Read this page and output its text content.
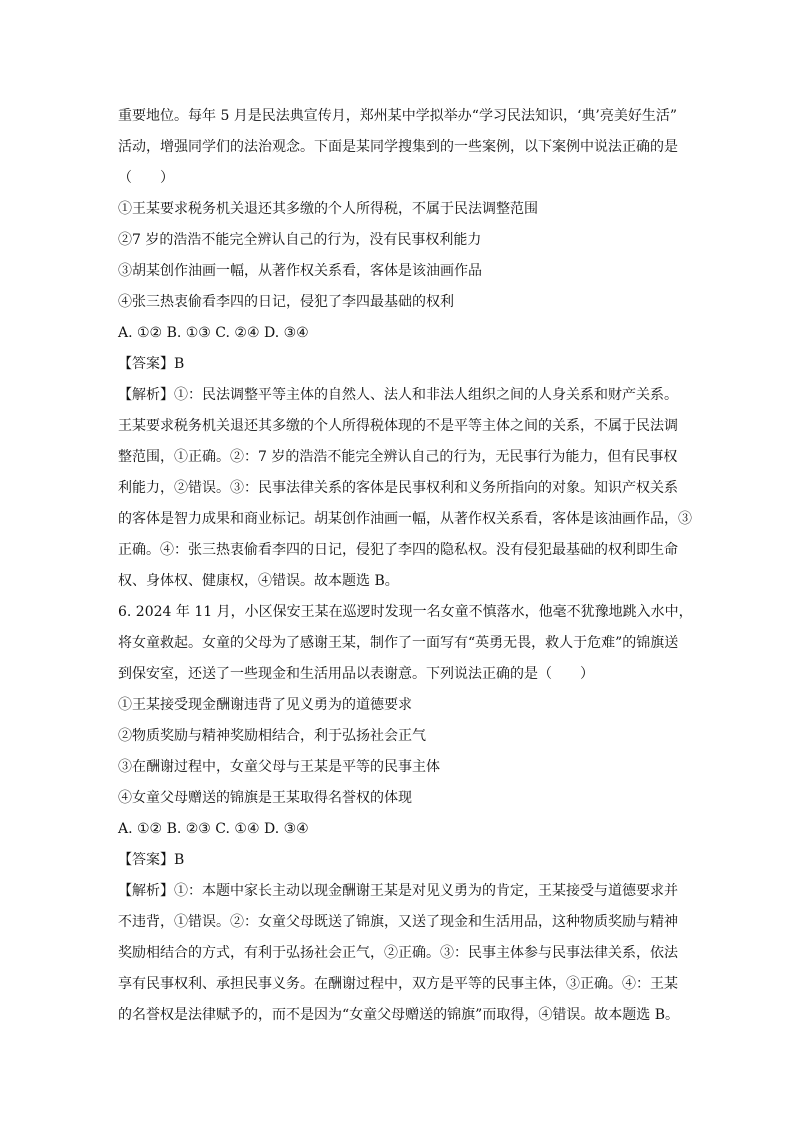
重要地位。每年 5 月是民法典宣传月，郑州某中学拟举办“学习民法知识，‘典’亮美好生活”
活动，增强同学们的法治观念。下面是某同学搜集到的一些案例，以下案例中说法正确的是
（　　）
①王某要求税务机关退还其多缴的个人所得税，不属于民法调整范围
②7 岁的浩浩不能完全辨认自己的行为，没有民事权利能力
③胡某创作油画一幅，从著作权关系看，客体是该油画作品
④张三热衷偷看李四的日记，侵犯了李四最基础的权利
A. ①② B. ①③ C. ②④ D. ③④
【答案】B
【解析】①：民法调整平等主体的自然人、法人和非法人组织之间的人身关系和财产关系。
王某要求税务机关退还其多缴的个人所得税体现的不是平等主体之间的关系，不属于民法调
整范围，①正确。②：7 岁的浩浩不能完全辨认自己的行为，无民事行为能力，但有民事权
利能力，②错误。③：民事法律关系的客体是民事权利和义务所指向的对象。知识产权关系
的客体是智力成果和商业标记。胡某创作油画一幅，从著作权关系看，客体是该油画作品，③
正确。④：张三热衷偷看李四的日记，侵犯了李四的隐私权。没有侵犯最基础的权利即生命
权、身体权、健康权，④错误。故本题选 B。
6. 2024 年 11 月，小区保安王某在巡逻时发现一名女童不慎落水，他毫不犹豫地跳入水中，
将女童救起。女童的父母为了感谢王某，制作了一面写有“英勇无畏，救人于危难”的锦旗送
到保安室，还送了一些现金和生活用品以表谢意。下列说法正确的是（　　）
①王某接受现金酬谢违背了见义勇为的道德要求
②物质奖励与精神奖励相结合，利于弘扬社会正气
③在酬谢过程中，女童父母与王某是平等的民事主体
④女童父母赠送的锦旗是王某取得名誉权的体现
A. ①② B. ②③ C. ①④ D. ③④
【答案】B
【解析】①：本题中家长主动以现金酬谢王某是对见义勇为的肯定，王某接受与道德要求并
不违背，①错误。②：女童父母既送了锦旗，又送了现金和生活用品，这种物质奖励与精神
奖励相结合的方式，有利于弘扬社会正气，②正确。③：民事主体参与民事法律关系，依法
享有民事权利、承担民事义务。在酬谢过程中，双方是平等的民事主体，③正确。④：王某
的名誉权是法律赋予的，而不是因为“女童父母赠送的锦旗”而取得，④错误。故本题选 B。
